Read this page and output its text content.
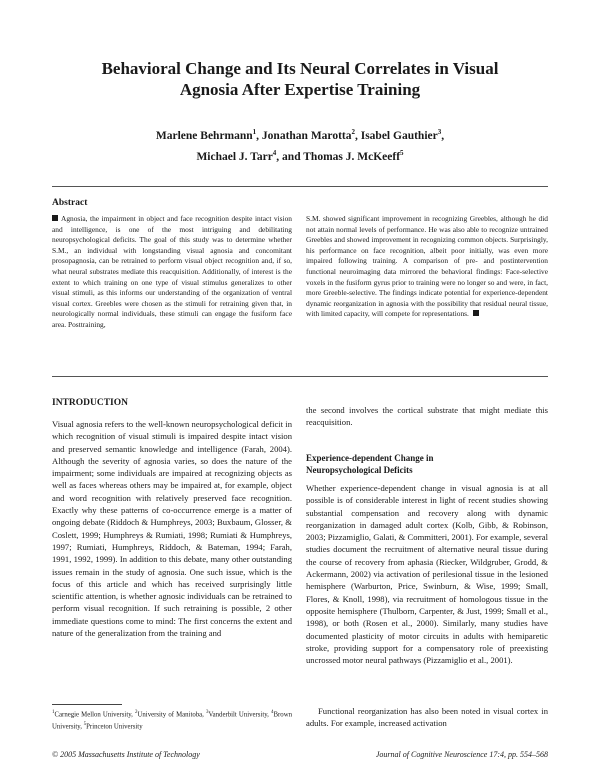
Behavioral Change and Its Neural Correlates in Visual
Agnosia After Expertise Training
Marlene Behrmann$^1$, Jonathan Marotta$^2$, Isabel Gauthier$^3$,
Michael J. Tarr$^4$, and Thomas J. McKeeff$^5$
Abstract

Agnosia, the impairment in object and face recognition despite intact vision and intelligence, is one of the most intriguing and debilitating neuropsychological deficits. The goal of this study was to determine whether S.M., an individual with longstanding visual agnosia and concomitant prosopagnosia, can be retrained to perform visual object recognition and, if so, what neural substrates mediate this reacquisition. Additionally, of interest is the extent to which training on one type of visual stimulus generalizes to other visual stimuli, as this informs our understanding of the organization of ventral visual cortex. Greebles were chosen as the stimuli for retraining given that, in neurologically normal individuals, these stimuli can engage the fusiform face area. Posttraining,

S.M. showed significant improvement in recognizing Greebles, although he did not attain normal levels of performance. He was also able to recognize untrained Greebles and showed improvement in recognizing common objects. Surprisingly, his performance on face recognition, albeit poor initially, was even more impaired following training. A comparison of pre- and postintervention functional neuroimaging data mirrored the behavioral findings: Face-selective voxels in the fusiform gyrus prior to training were no longer so and were, in fact, more Greeble-selective. The findings indicate potential for experience-dependent dynamic reorganization in agnosia with the possibility that residual neural tissue, with limited capacity, will compete for representations.

INTRODUCTION

Visual agnosia refers to the well-known neuropsychological deficit in which recognition of visual stimuli is impaired despite intact vision and preserved semantic knowledge and intelligence (Farah, 2004). Although the severity of agnosia varies, so does the nature of the impairment; some individuals are impaired at recognizing objects as well as faces whereas others may be impaired at, for example, object and word recognition with relatively preserved face recognition. Exactly why these patterns of co-occurrence emerge is a matter of ongoing debate (Riddoch & Humphreys, 2003; Buxbaum, Glosser, & Coslett, 1999; Humphreys & Rumiati, 1998; Rumiati & Humphreys, 1997; Rumiati, Humphreys, Riddoch, & Bateman, 1994; Farah, 1991, 1992, 1999). In addition to this debate, many other outstanding issues remain in the study of agnosia. One such issue, which is the focus of this article and which has received surprisingly little scientific attention, is whether agnosic individuals can be retrained to perform visual recognition. If such retraining is possible, 2 other immediate questions come to mind: The first concerns the extent and nature of the generalization from the training and

the second involves the cortical substrate that might mediate this reacquisition.

Experience-dependent Change in
Neuropsychological Deficits

Whether experience-dependent change in visual agnosia is at all possible is of considerable interest in light of recent studies showing substantial compensation and recovery along with dynamic reorganization in damaged adult cortex (Kolb, Gibb, & Robinson, 2003; Pizzamiglio, Galati, & Committeri, 2001). For example, several studies document the recruitment of alternative neural tissue during the course of recovery from aphasia (Riecker, Wildgruber, Grodd, & Ackermann, 2002) via activation of perilesional tissue in the lesioned hemisphere (Warburton, Price, Swinburn, & Wise, 1999; Small, Flores, & Knoll, 1998), via recruitment of homologous tissue in the opposite hemisphere (Thulborn, Carpenter, & Just, 1999; Small et al., 1998), or both (Rosen et al., 2000). Similarly, many studies have documented plasticity of motor circuits in adults with hemiparetic stroke, providing support for a compensatory role of preexisting uncrossed motor neural pathways (Pizzamiglio et al., 2001).

Functional reorganization has also been noted in visual cortex in adults. For example, increased activation

$^1$Carnegie Mellon University, $^2$University of Manitoba, $^3$Vanderbilt University, $^4$Brown University, $^5$Princeton University
© 2005 Massachusetts Institute of Technology	Journal of Cognitive Neuroscience 17:4, pp. 554–568
